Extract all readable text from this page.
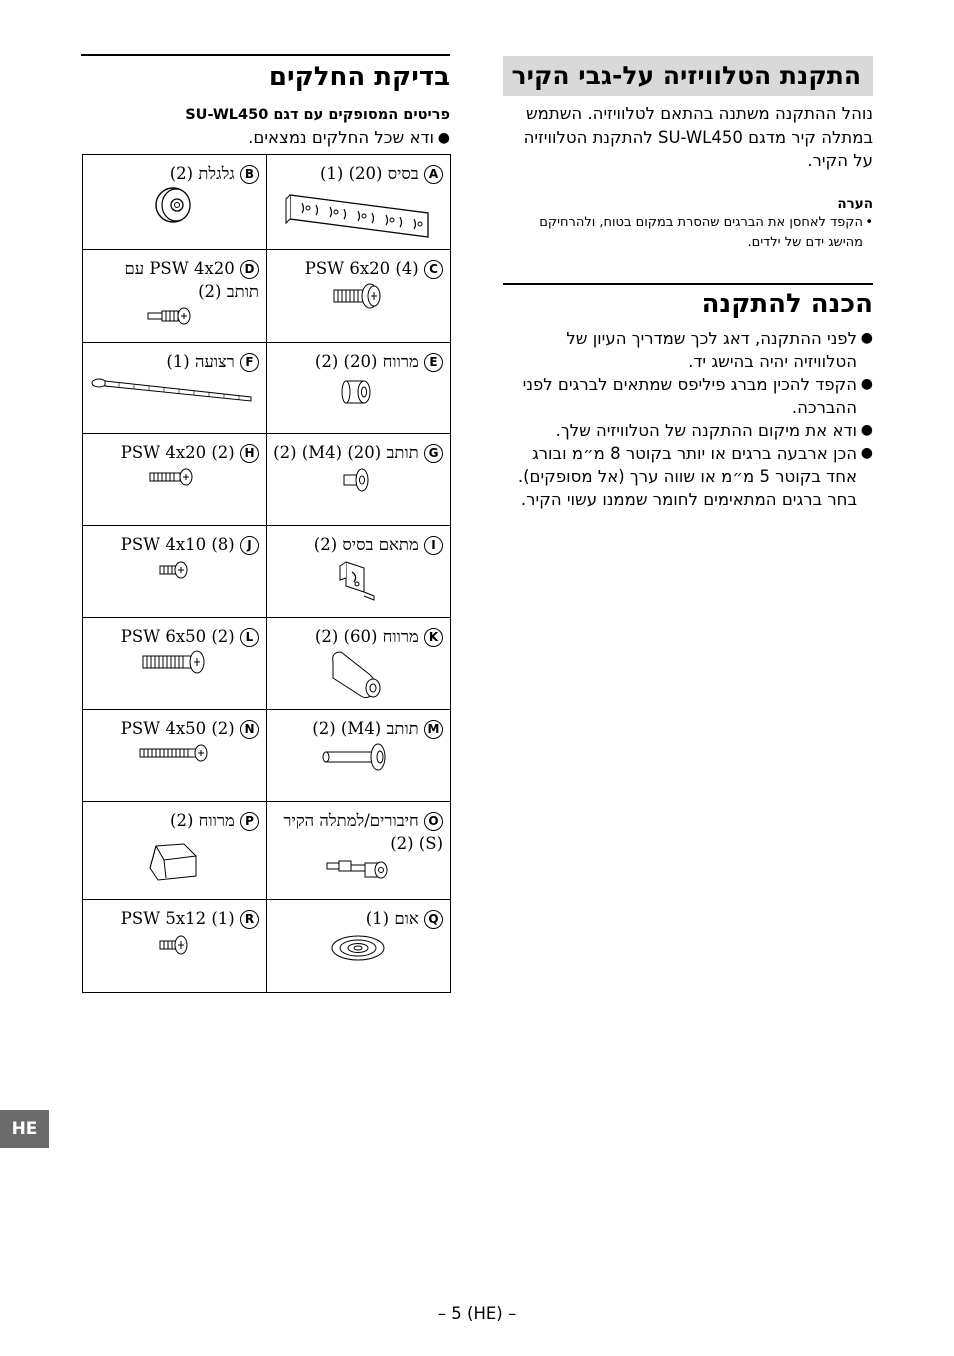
התקנת הטלוויזיה על-גבי הקיר
נוהל ההתקנה משתנה בהתאם לטלוויזיה. השתמש במתלה קיר מדגם SU-WL450 להתקנת הטלוויזיה על הקיר.
הערה
•
הקפד לאחסן את הברגים שהסרת במקום בטוח, ולהרחיקם מהישג ידם של ילדים.
הכנה להתקנה
●
לפני ההתקנה, דאג לכך שמדריך העיון של הטלוויזיה יהיה בהישג יד.
●
הקפד להכין מברג פיליפס שמתאים לברגים לפני ההברכה.
●
ודא את מיקום ההתקנה של הטלוויזיה שלך.
●
הכן ארבעה ברגים או יותר בקוטר 8 מ״מ ובורג אחד בקוטר 5 מ״מ או שווה ערך (אל מסופקים). בחר ברגים המתאימים לחומר שממנו עשוי הקיר.
בדיקת החלקים
פריטים המסופקים עם דגם SU-WL450
●
ודא שכל החלקים נמצאים.
B גלגלת (2)	A בסיס (20) (1)

D PSW 4x20 עם תותב (2)	C PSW 6x20 (4)

F רצועה (1)	E מרווח (20) (2)

H PSW 4x20 (2)	G תותב (20) (M4) (2)

J PSW 4x10 (8)	I מתאם בסיס (2)

L PSW 6x50 (2)	K מרווח (60) (2)

N PSW 4x50 (2)	M תותב (M4) (2)

P מרווח (2)	O חיבורים/למתלה הקיר (S) (2)

R PSW 5x12 (1)	Q אום (1)
HE
– 5 (HE) –
